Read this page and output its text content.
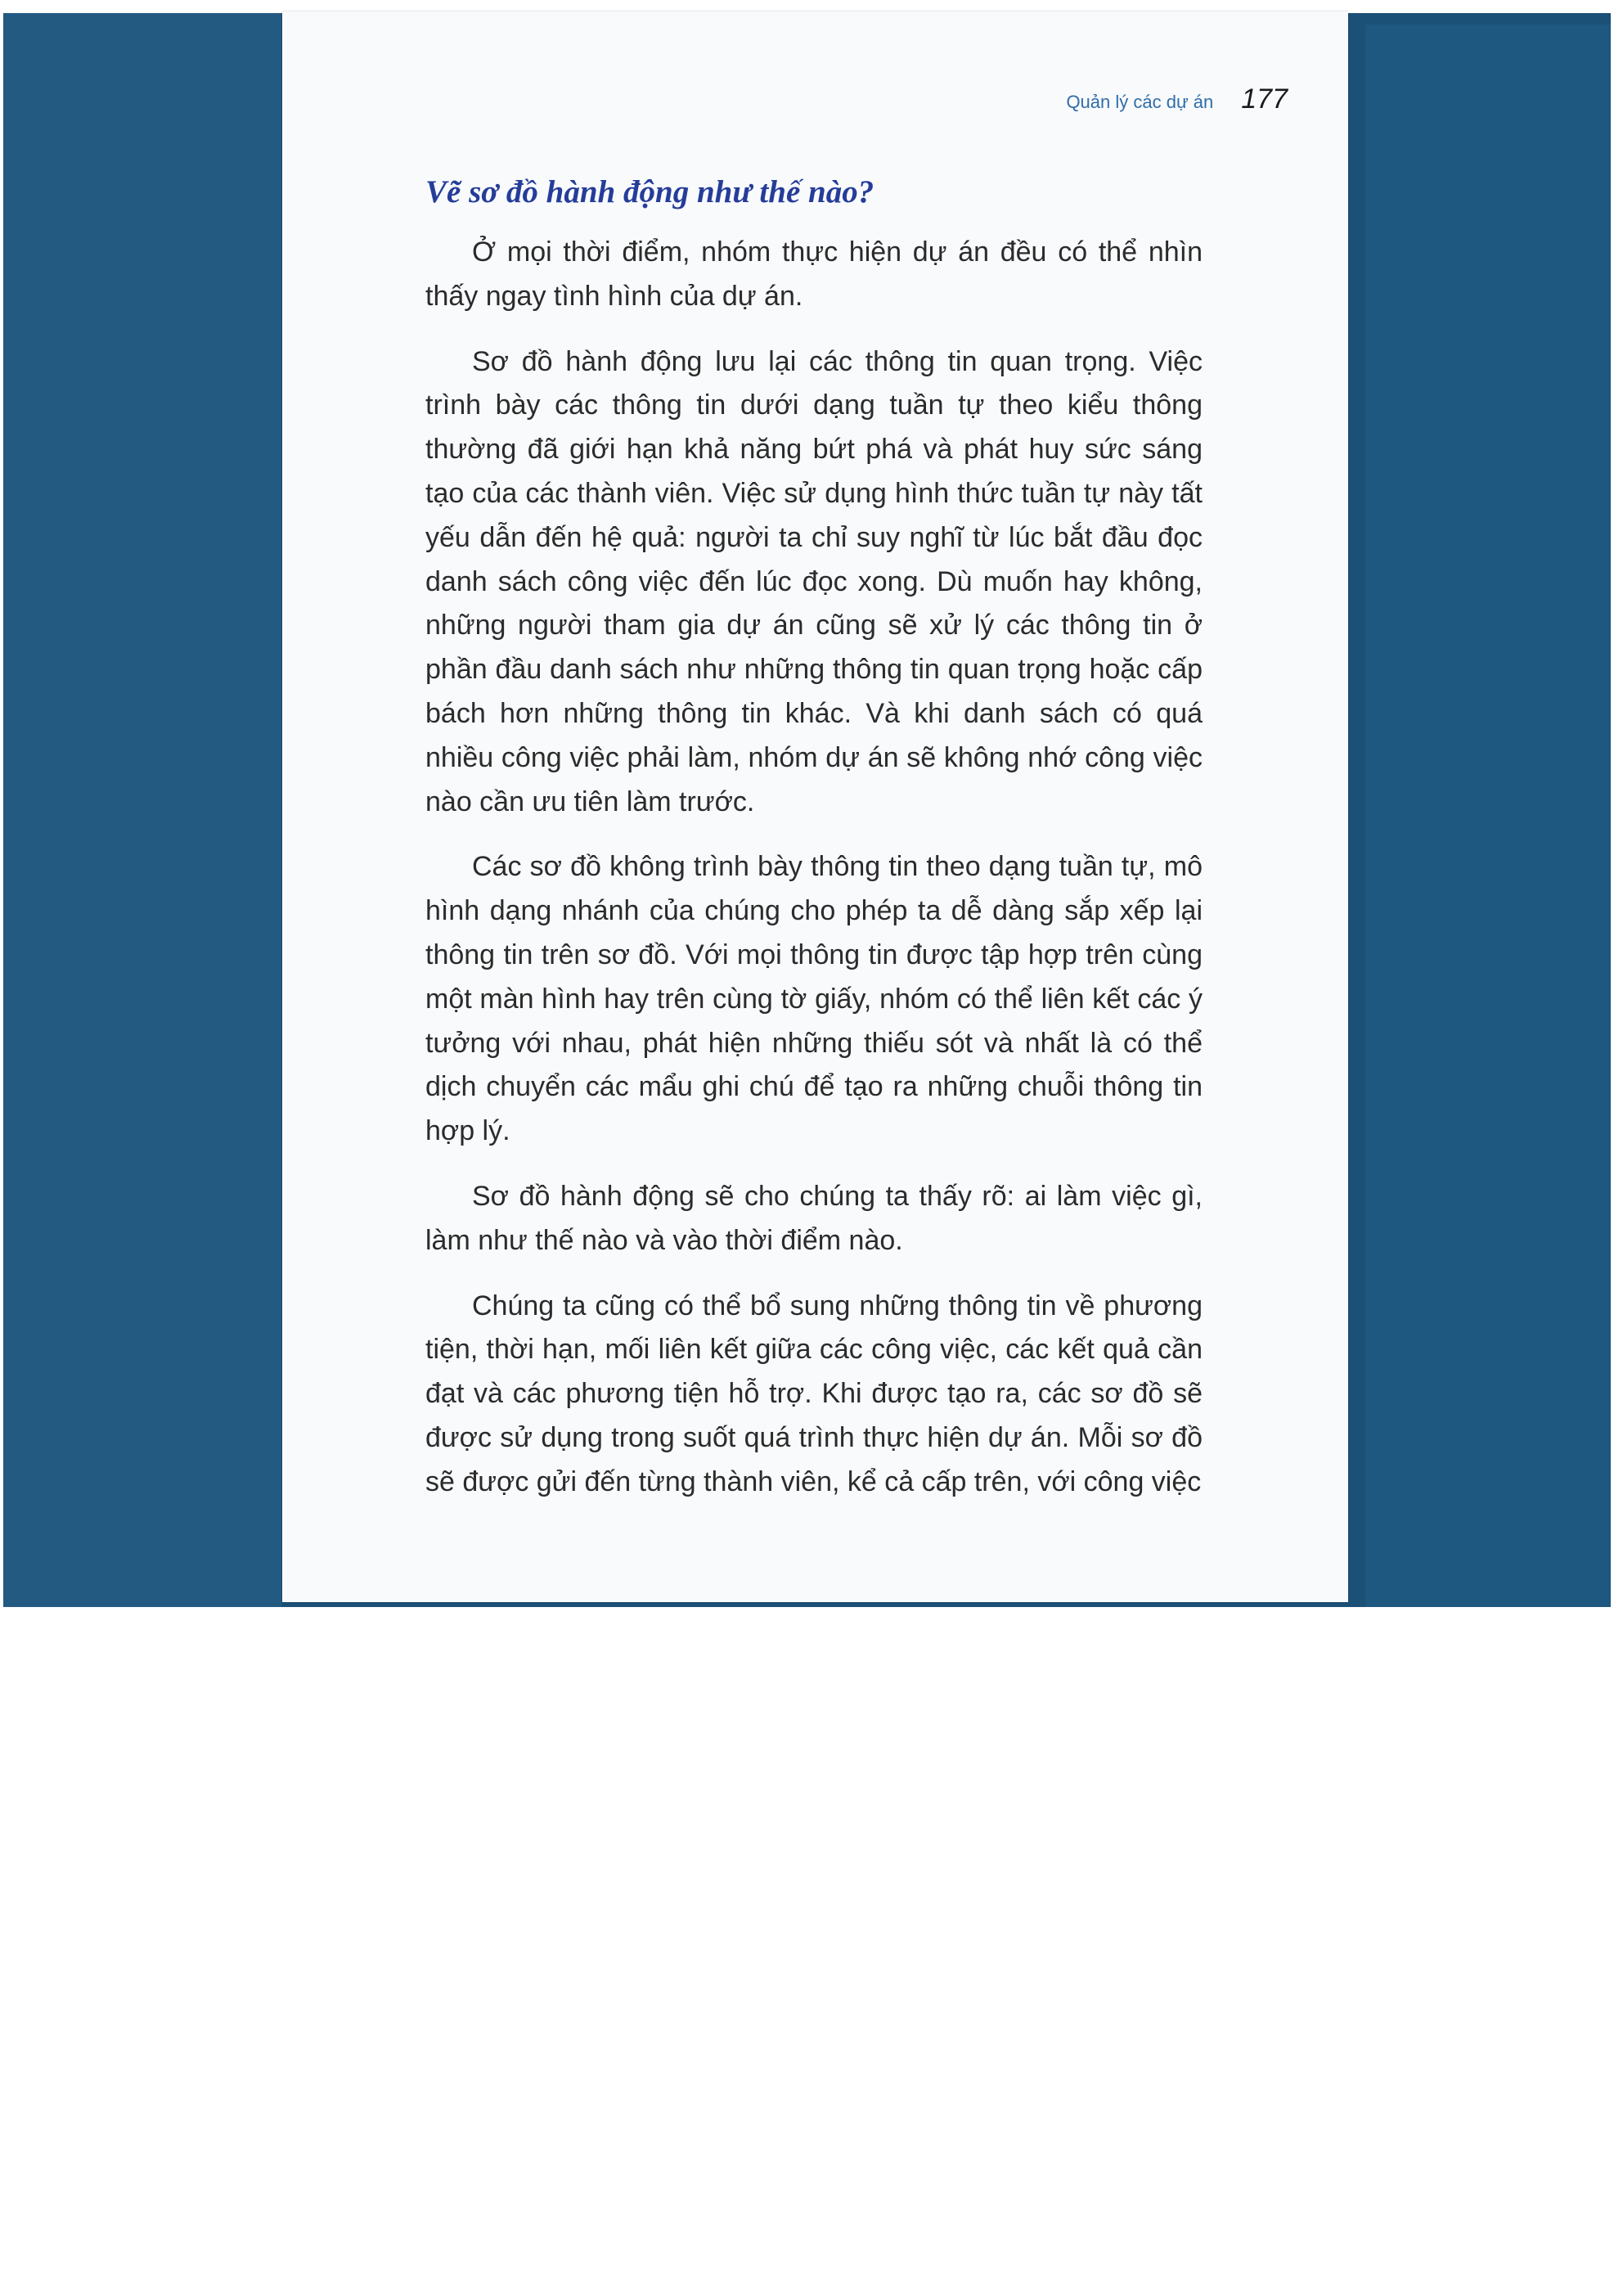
Quản lý các dự án 177
Vẽ sơ đồ hành động như thế nào?

Ở mọi thời điểm, nhóm thực hiện dự án đều có thể nhìn thấy ngay tình hình của dự án.

Sơ đồ hành động lưu lại các thông tin quan trọng. Việc trình bày các thông tin dưới dạng tuần tự theo kiểu thông thường đã giới hạn khả năng bứt phá và phát huy sức sáng tạo của các thành viên. Việc sử dụng hình thức tuần tự này tất yếu dẫn đến hệ quả: người ta chỉ suy nghĩ từ lúc bắt đầu đọc danh sách công việc đến lúc đọc xong. Dù muốn hay không, những người tham gia dự án cũng sẽ xử lý các thông tin ở phần đầu danh sách như những thông tin quan trọng hoặc cấp bách hơn những thông tin khác. Và khi danh sách có quá nhiều công việc phải làm, nhóm dự án sẽ không nhớ công việc nào cần ưu tiên làm trước.

Các sơ đồ không trình bày thông tin theo dạng tuần tự, mô hình dạng nhánh của chúng cho phép ta dễ dàng sắp xếp lại thông tin trên sơ đồ. Với mọi thông tin được tập hợp trên cùng một màn hình hay trên cùng tờ giấy, nhóm có thể liên kết các ý tưởng với nhau, phát hiện những thiếu sót và nhất là có thể dịch chuyển các mẩu ghi chú để tạo ra những chuỗi thông tin hợp lý.

Sơ đồ hành động sẽ cho chúng ta thấy rõ: ai làm việc gì, làm như thế nào và vào thời điểm nào.

Chúng ta cũng có thể bổ sung những thông tin về phương tiện, thời hạn, mối liên kết giữa các công việc, các kết quả cần đạt và các phương tiện hỗ trợ. Khi được tạo ra, các sơ đồ sẽ được sử dụng trong suốt quá trình thực hiện dự án. Mỗi sơ đồ sẽ được gửi đến từng thành viên, kể cả cấp trên, với công việc
